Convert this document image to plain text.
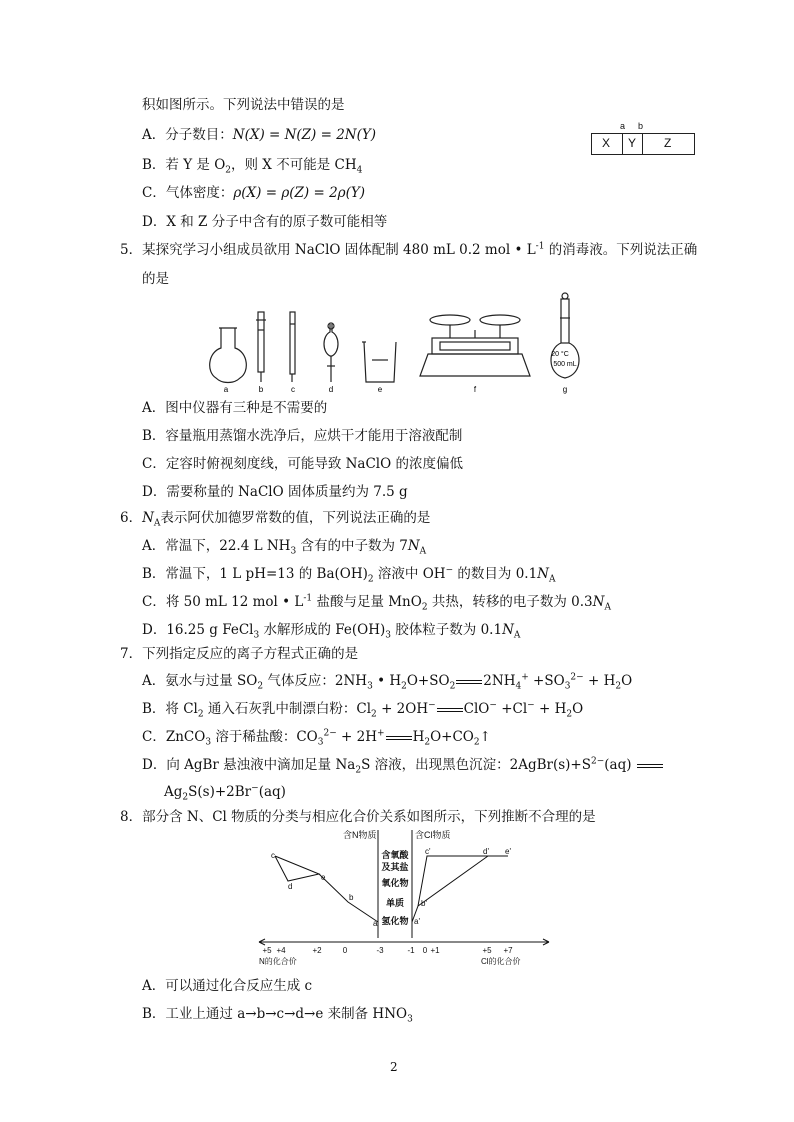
积如图所示。下列说法中错误的是
A．分子数目：N(X) = N(Z) = 2N(Y)
B．若 Y 是 $O_2$，则 X 不可能是 $CH_4$
C．气体密度：ρ(X) = ρ(Z) = 2ρ(Y)
D．X 和 Z 分子中含有的原子数可能相等
a b
X Y Z
5．某探究学习小组成员欲用 NaClO 固体配制 480 mL 0.2 mol • $L^{-1}$ 的消毒液。下列说法正确
的是
20 °C
500 mL
a	b	c	d	e	f	g
A．图中仪器有三种是不需要的
B．容量瓶用蒸馏水洗净后，应烘干才能用于溶液配制
C．定容时俯视刻度线，可能导致 NaClO 的浓度偏低
D．需要称量的 NaClO 固体质量约为 7.5 g
6．$N_A$表示阿伏加德罗常数的值，下列说法正确的是
A．常温下，22.4 L $NH_3$ 含有的中子数为 $7N_A$
B．常温下，1 L pH=13 的 $Ba(OH)_2$ 溶液中 OH− 的数目为 $0.1N_A$
C．将 50 mL 12 mol • $L^{-1}$ 盐酸与足量 MnO$_2$ 共热，转移的电子数为 $0.3N_A$
D．16.25 g FeCl$_3$ 水解形成的 $Fe(OH)_3$ 胶体粒子数为 $0.1N_A$
7．下列指定反应的离子方程式正确的是
A．氨水与过量 $SO_2$ 气体反应：$2NH_3$ • $H_2O+SO_2$ $2NH_4^+ +SO_3^{2-} + H_2O$
B．将 $Cl_2$ 通入石灰乳中制漂白粉：$Cl_2 + 2OH^-$ $ClO^- +Cl^- + H_2O$
C．ZnCO$_3$ 溶于稀盐酸：$CO_3^{2-} + 2H^+$ $H_2O+CO_2↑$
D．向 AgBr 悬浊液中滴加足量 $Na_2S$ 溶液，出现黑色沉淀：$2AgBr(s)+S^{2-}(aq)$
$Ag_2S(s)+2Br^-(aq)$
8．部分含 N、Cl 物质的分类与相应化合价关系如图所示，下列推断不合理的是
含N物质	含Cl物质
含氧酸
及其盐
氧化物
单质
氢化物
c
d
e
b
a
c'	d' e'
b'
a'
+5 +4	+2	0	-3	-1 0 +1	+5 +7
N的化合价	Cl的化合价
A．可以通过化合反应生成 c
B．工业上通过 a→b→c→d→e 来制备 $HNO_3$
2
